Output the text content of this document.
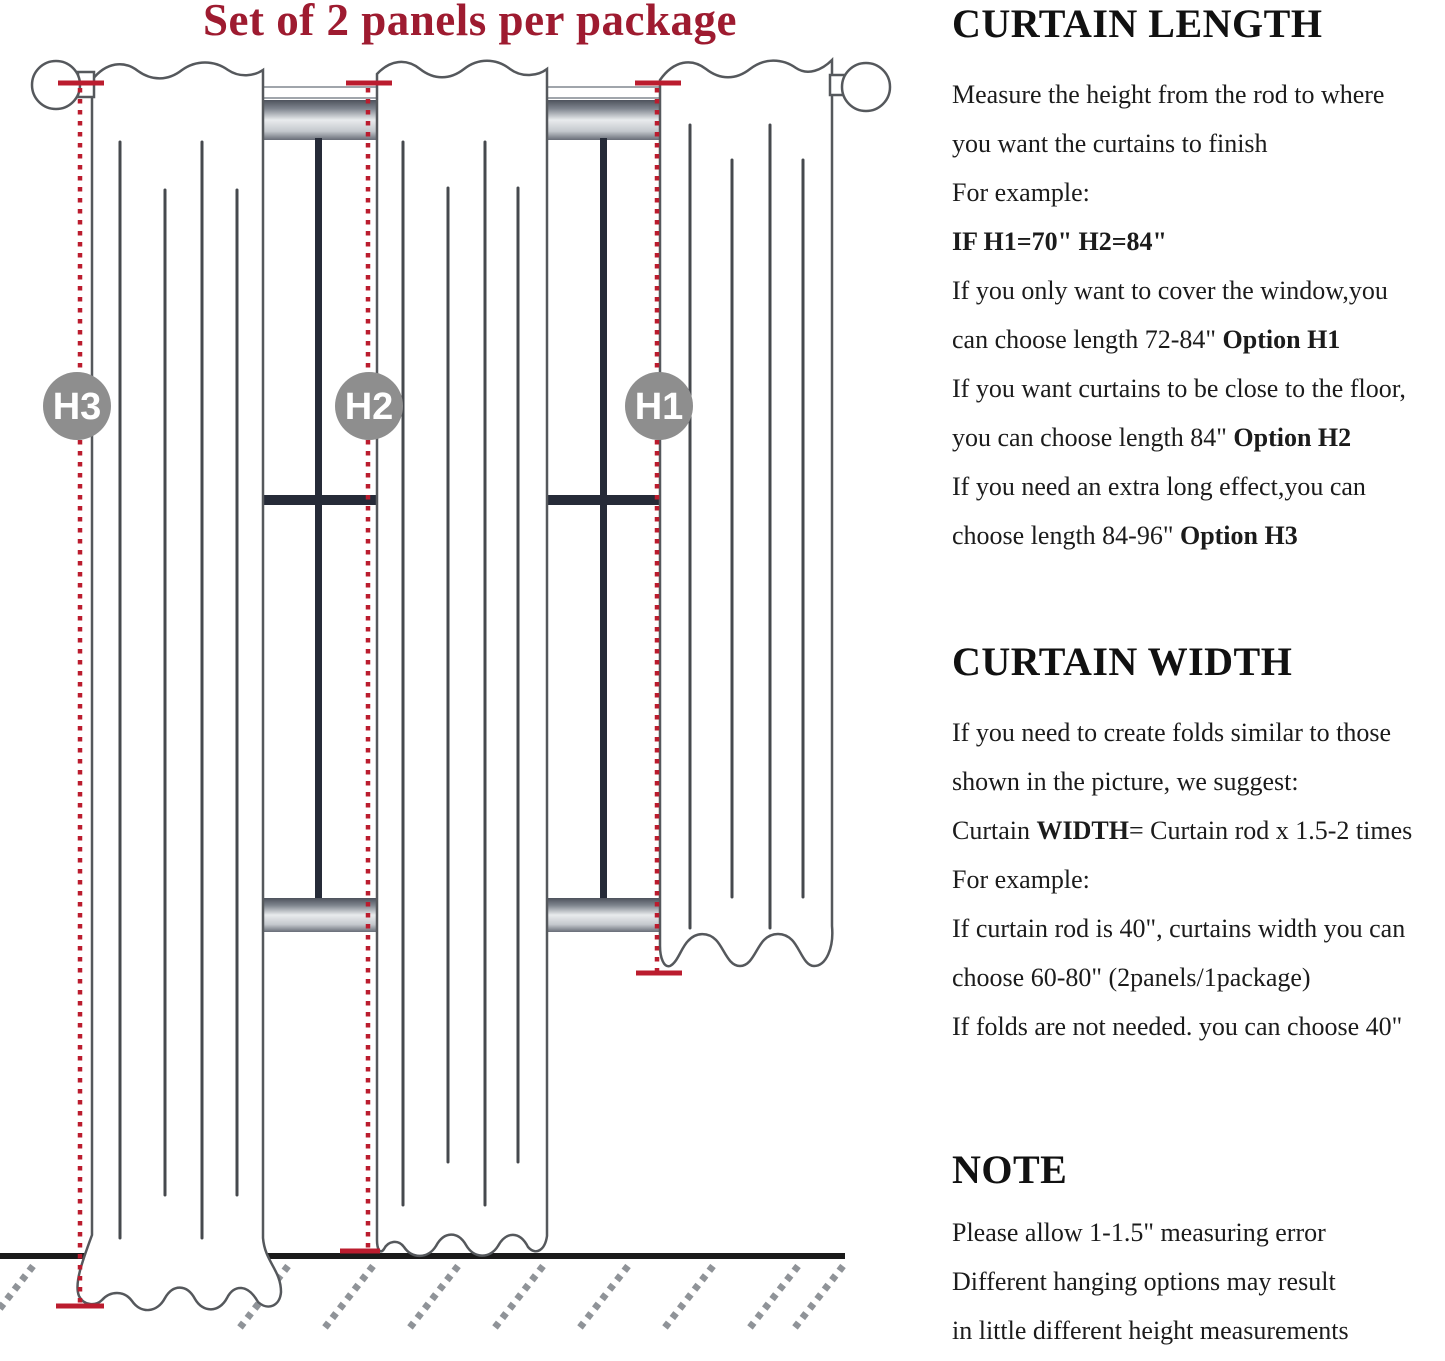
H3	H2	H1
Set of 2 panels per package	CURTAIN LENGTH
Measure the height from the rod to where
you want the curtains to finish
For example:
IF H1=70" H2=84"
If you only want to cover the window,you
can choose length 72-84" Option H1
If you want curtains to be close to the floor,
you can choose length 84" Option H2
If you need an extra long effect,you can
choose length 84-96" Option H3
CURTAIN WIDTH
If you need to create folds similar to those
shown in the picture, we suggest:
Curtain WIDTH= Curtain rod x 1.5-2 times
For example:
If curtain rod is 40", curtains width you can
choose 60-80" (2panels/1package)
If folds are not needed. you can choose 40"
NOTE
Please allow 1-1.5" measuring error
Different hanging options may result
in little different height measurements
